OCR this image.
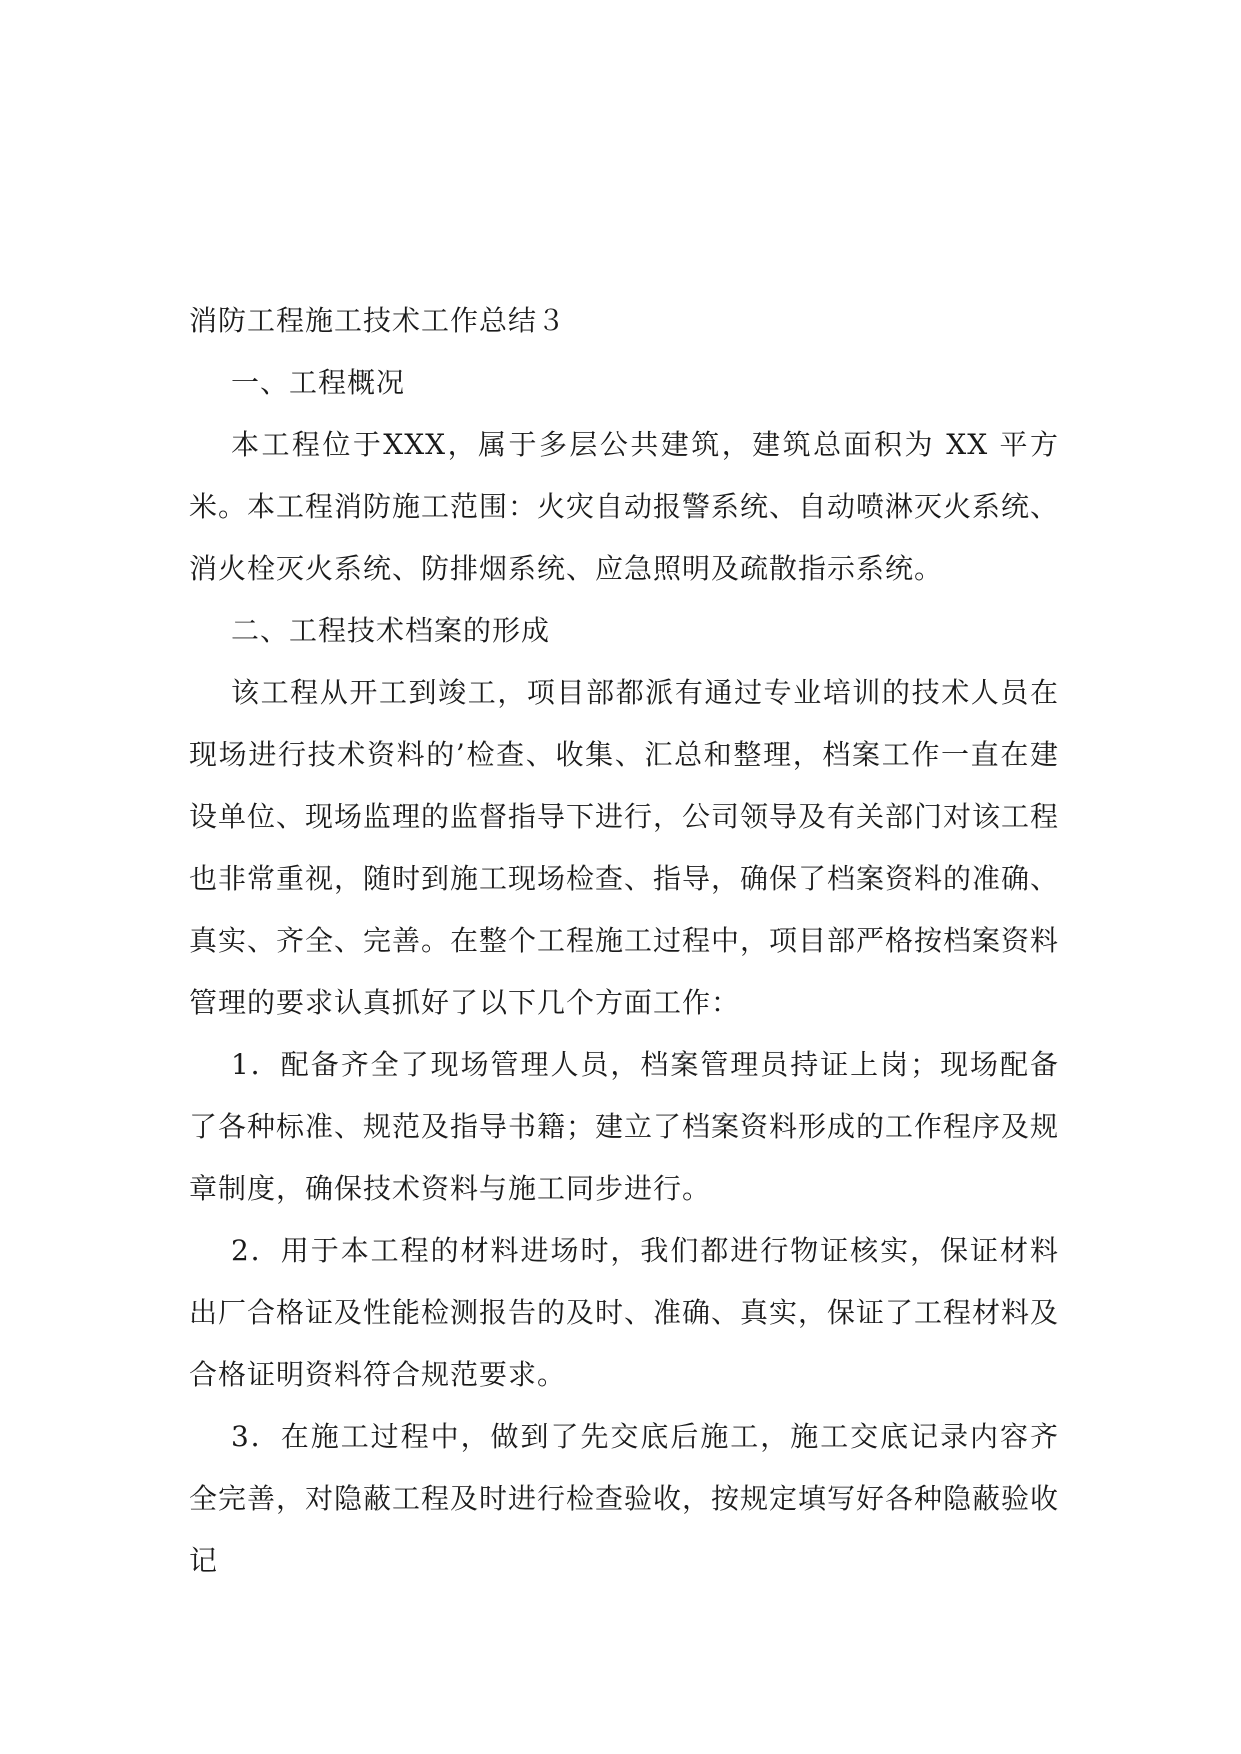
消防工程施工技术工作总结３

一、工程概况

本工程位于XXX，属于多层公共建筑，建筑总面积为 XX 平方米。本工程消防施工范围：火灾自动报警系统、自动喷淋灭火系统、消火栓灭火系统、防排烟系统、应急照明及疏散指示系统。

二、工程技术档案的形成

该工程从开工到竣工，项目部都派有通过专业培训的技术人员在现场进行技术资料的’检查、收集、汇总和整理，档案工作一直在建设单位、现场监理的监督指导下进行，公司领导及有关部门对该工程也非常重视，随时到施工现场检查、指导，确保了档案资料的准确、真实、齐全、完善。在整个工程施工过程中，项目部严格按档案资料管理的要求认真抓好了以下几个方面工作：

1．配备齐全了现场管理人员，档案管理员持证上岗；现场配备了各种标准、规范及指导书籍；建立了档案资料形成的工作程序及规章制度，确保技术资料与施工同步进行。

2．用于本工程的材料进场时，我们都进行物证核实，保证材料出厂合格证及性能检测报告的及时、准确、真实，保证了工程材料及合格证明资料符合规范要求。

3．在施工过程中，做到了先交底后施工，施工交底记录内容齐全完善，对隐蔽工程及时进行检查验收，按规定填写好各种隐蔽验收记
